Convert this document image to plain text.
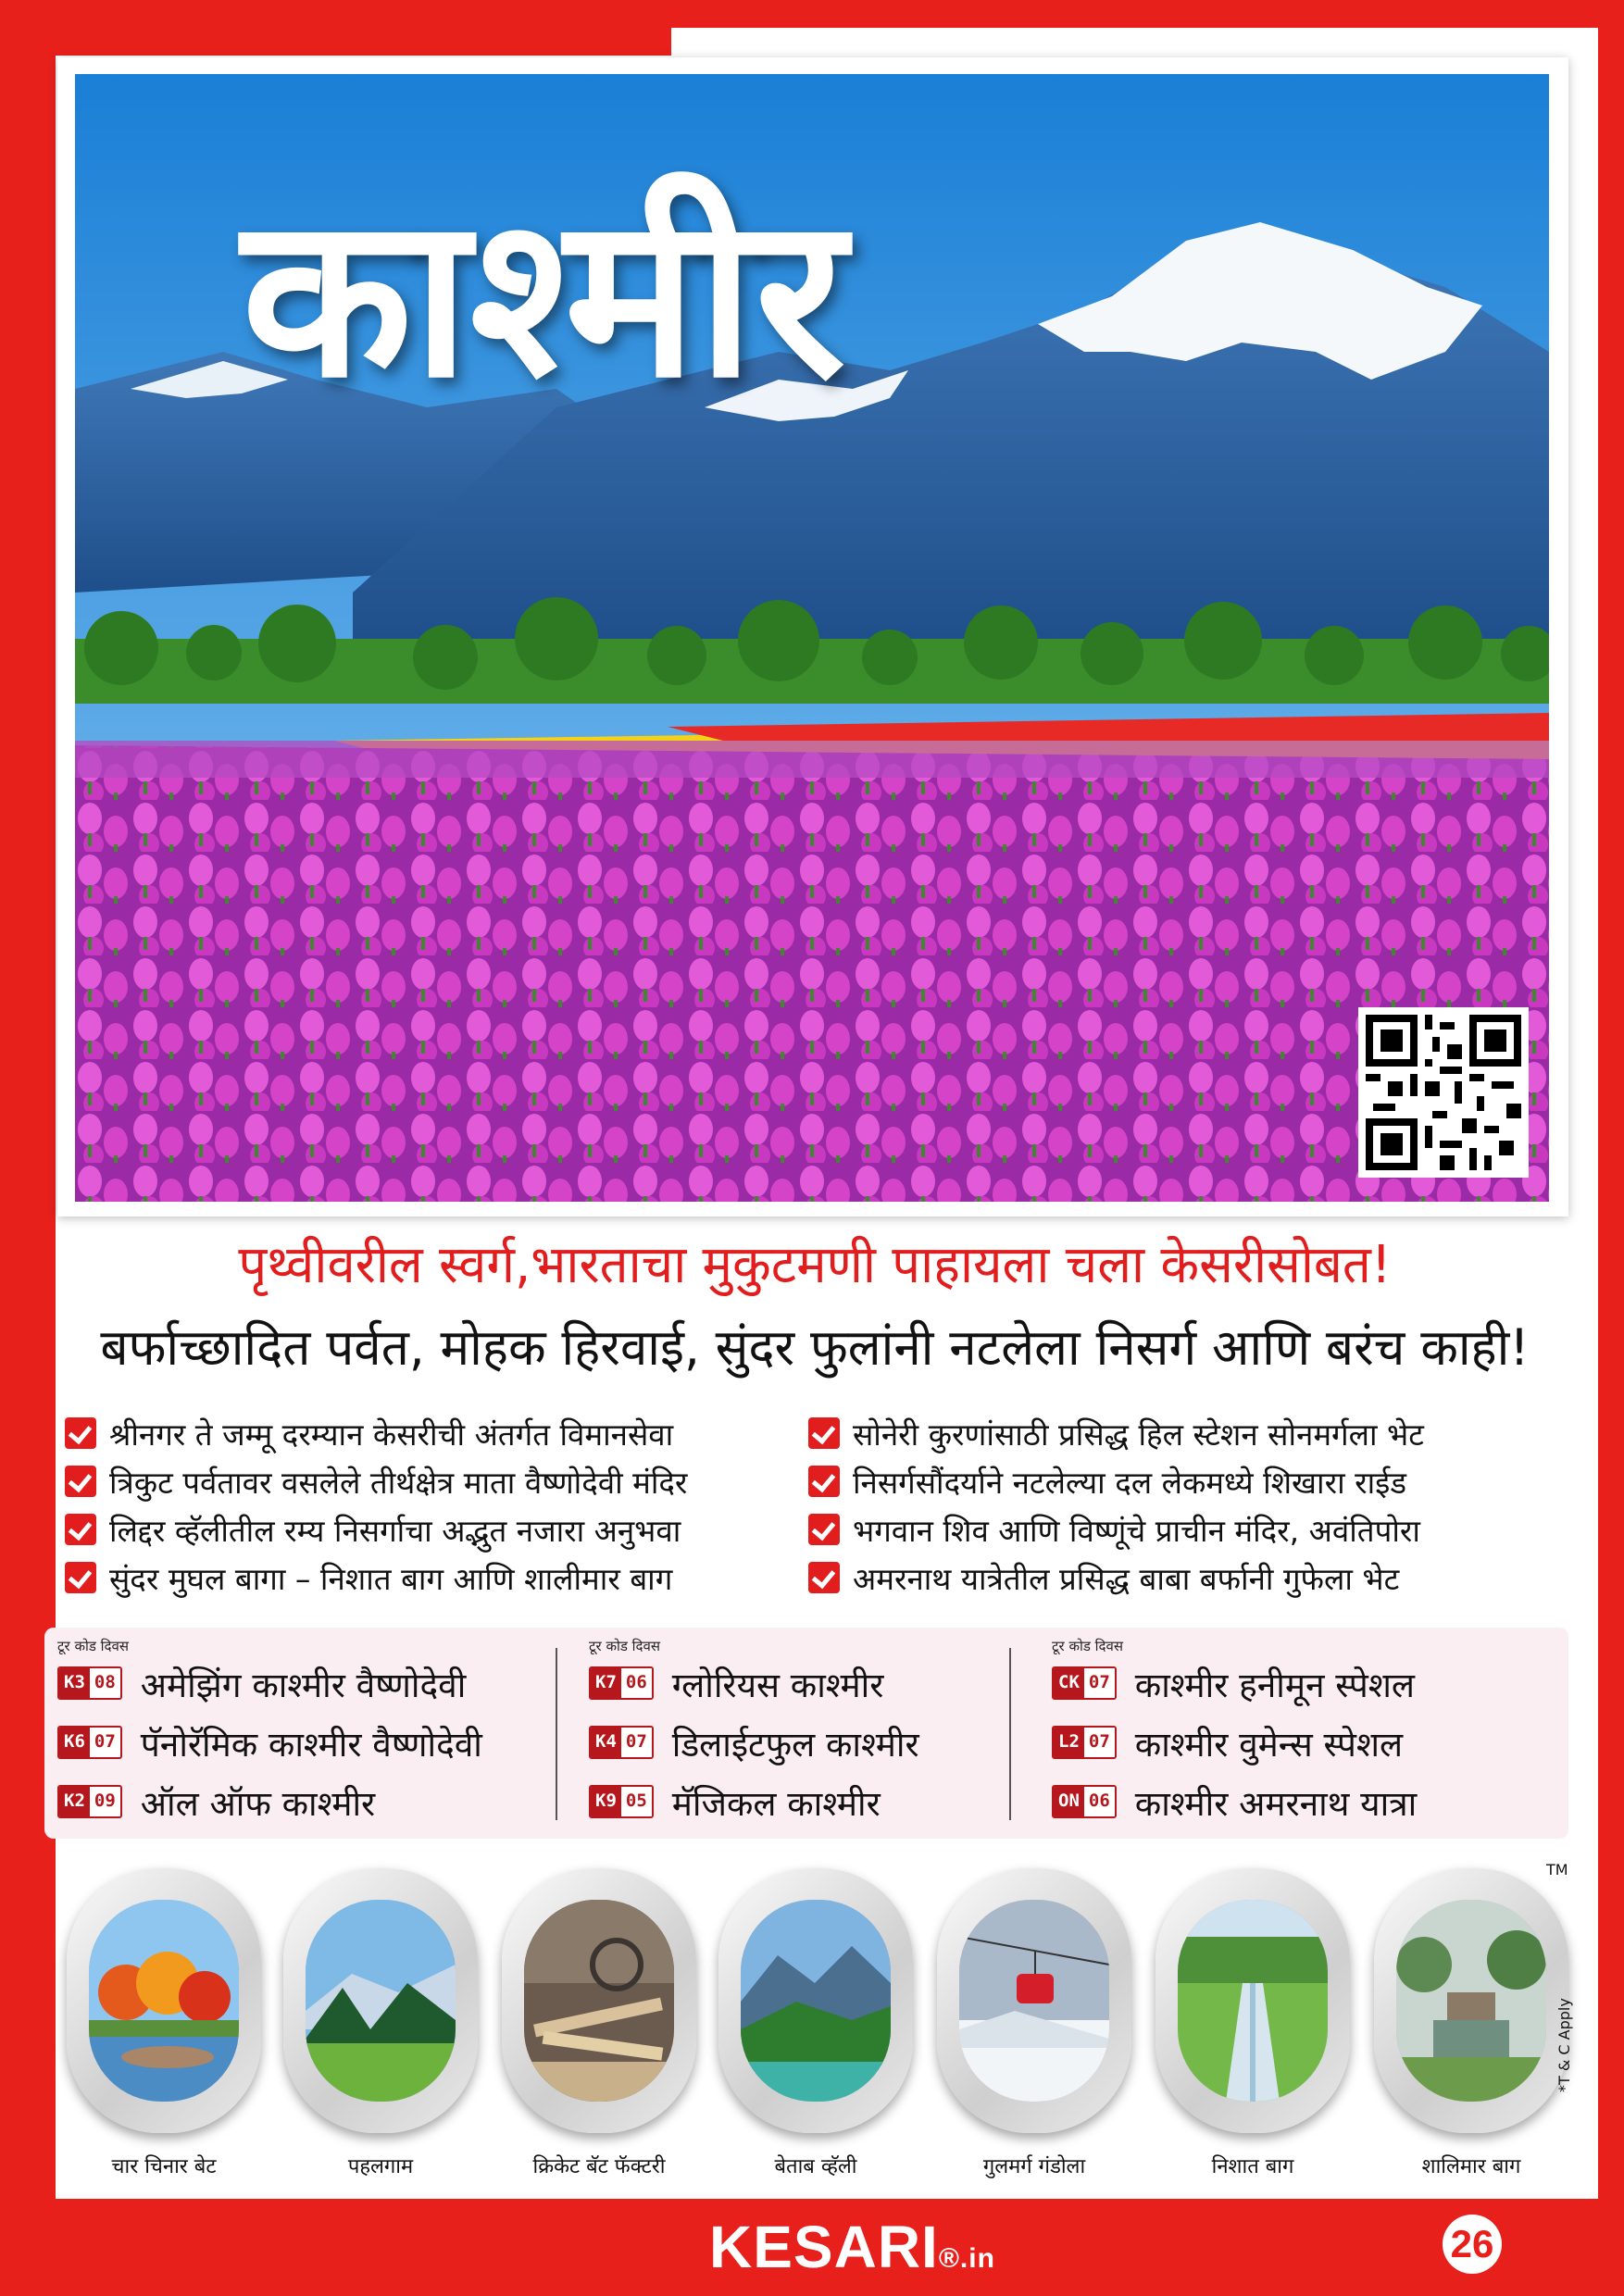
काश्मीर
पृथ्वीवरील स्वर्ग,भारताचा मुकुटमणी पाहायला चला केसरीसोबत!
बर्फाच्छादित पर्वत, मोहक हिरवाई, सुंदर फुलांनी नटलेला निसर्ग आणि बरंच काही!
श्रीनगर ते जम्मू दरम्यान केसरीची अंतर्गत विमानसेवा
त्रिकुट पर्वतावर वसलेले तीर्थक्षेत्र माता वैष्णोदेवी मंदिर
लिद्दर व्हॅलीतील रम्य निसर्गाचा अद्भुत नजारा अनुभवा
सुंदर मुघल बागा – निशात बाग आणि शालीमार बाग
सोनेरी कुरणांसाठी प्रसिद्ध हिल स्टेशन सोनमर्गला भेट
निसर्गसौंदर्याने नटलेल्या दल लेकमध्ये शिखारा राईड
भगवान शिव आणि विष्णूंचे प्राचीन मंदिर, अवंतिपोरा
अमरनाथ यात्रेतील प्रसिद्ध बाबा बर्फानी गुफेला भेट
टूर कोड दिवस
K3 08 अमेझिंग काश्मीर वैष्णोदेवी
K6 07 पॅनोरॅमिक काश्मीर वैष्णोदेवी
K2 09 ऑल ऑफ काश्मीर
टूर कोड दिवस
K7 06 ग्लोरियस काश्मीर
K4 07 डिलाईटफुल काश्मीर
K9 05 मॅजिकल काश्मीर
टूर कोड दिवस
CK 07 काश्मीर हनीमून स्पेशल
L2 07 काश्मीर वुमेन्स स्पेशल
ON 06 काश्मीर अमरनाथ यात्रा
चार चिनार बेट	पहलगाम	क्रिकेट बॅट फॅक्टरी	बेताब व्हॅली	गुलमर्ग गंडोला	निशात बाग	शालिमार बाग
TM
*T & C Apply
KESARI®.in	26
